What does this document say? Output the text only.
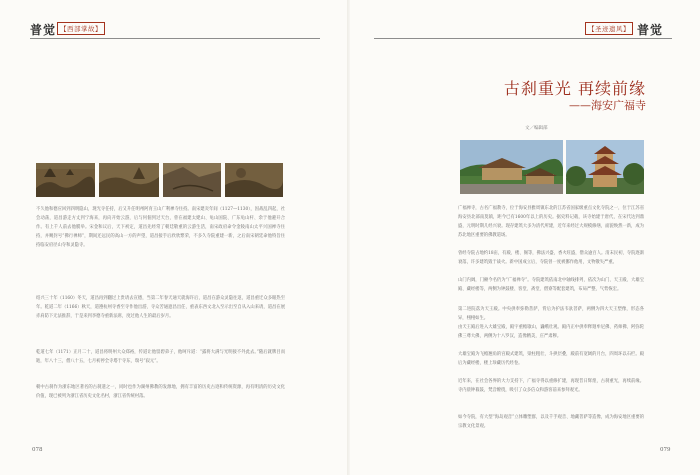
普觉 【西部掌故】

不久他和德应回到四明隐山，现光寺任持，后又升任明州阿育王山广利禅寺住持。南宋建炎年间（1127—1130），因战乱四起，社会动荡，道昌游走方丈到宁海来，再向开始云游，后与何佃到过天台，曾在福建太姥山、龟山国院、广东龟山杆、余于他避开合作。有上千人前去他膜举。宋金和议后，天下初定，道昌先经常了朝廷敬重的云游生活，南宋政府命令金陵南山太平兴国禅寺住持，并赐封号“佛行禅师”，期间还远民的高山一方的声望，道昌接手后欣欣繁荣，不多久寺院重建一新，之后南宋朝廷命他特旨住持临安府径山寺和灵隐寺。

绍兴三十年（1160）冬天，道昌再到翻过上贵请去宣德，当第二年春天通天就海许后，道昌在游众灵隐往返，道昌重迁众多眼热至年。乾道二年（1166）秋天，道遵杭州寺香至寺作他出游，寺众苦通遮昌出任，重表东西文北入至示出至自从入山来请，道昌在展赤肩防下无法推辞，于是来到李德寺重新法席，度过他人生的最后岁月。

乾道七年（1171）正月二十，道昌将明州大众郑裕，传道让他留碧弟子，他呵斥道：“露将大满与光明接不外此去。”随后就牌目而逝，年八十三，僧八十五，七月初停全寺塔于寺东，瑞号“寂元”。

朝中古刹作为浙东地区著名的古刹遗之一，同时也作为湖州佛教的发源地，拥有丰富的历史古迹和传统资源，再有明清的历史文化价值，现已被列为浙江省历史文化名村，浙江省传统村落。

078
【圣迹遗风】 普觉
079
古刹重光 再续前缘
——海安广福寺
文／编辑部

广福禅寺，古名广福教寺，位于海安县雅周镇东北的江苏省国家级重点文化寺院之一，位于江苏省海安县北部南莫镇，距今已有1600年以上的历史。据史料记载，该寺始建于唐代，在宋代达到鼎盛，元明时期几经兴衰。现存建筑大多为清代所建，近年来经过大规模修缮，面貌焕然一新，成为苏北地区重要的佛教道场。

曾经寺院占地约18亩，有殿、楼、阁等，佛法兴盛，香火旺盛，僧众逾百人。清末民初，寺院逐渐衰落，许多建筑毁于战火。新中国成立后，寺院曾一度被挪作他用，文物散失严重。

山门内阔，门额今名仍为“广福禅寺”。寺院建筑依南北中轴线排列，依次为山门、天王殿、大雄宝殿、藏经楼等，两侧为钟鼓楼、客堂、斋堂、僧寮等配套建筑，布局严整，气势恢宏。

第二进院落为天王殿。中央供奉弥勒菩萨，背后为护法韦驮菩萨，两侧为四大天王塑像，形态各异，栩栩如生。

由天王殿后进入大雄宝殿，殿宇重檐歇山，巍峨壮观。殿内正中供奉释迦牟尼佛、药师佛、阿弥陀佛三尊大佛，两侧为十八罗汉，造像精美，庄严肃穆。

大雄宝殿为飞檐翘角的宫殿式建筑，梁柱粗壮，斗拱层叠，殿前有宽阔的月台，四周环以石栏。殿后为藏经楼，楼上珍藏历代经卷。

近年来，在社会各界的大力支持下，广福寺得以重修扩建，再现昔日辉煌，古刹重光，再续前缘。寺内晨钟暮鼓，梵音缭绕，吸引了众多信众和游客前来参拜观光。

如今寺院，有大型“海岛观音”立体雕塑群，以及千手观音、地藏菩萨等造像，成为海安地区重要的宗教文化景观。
